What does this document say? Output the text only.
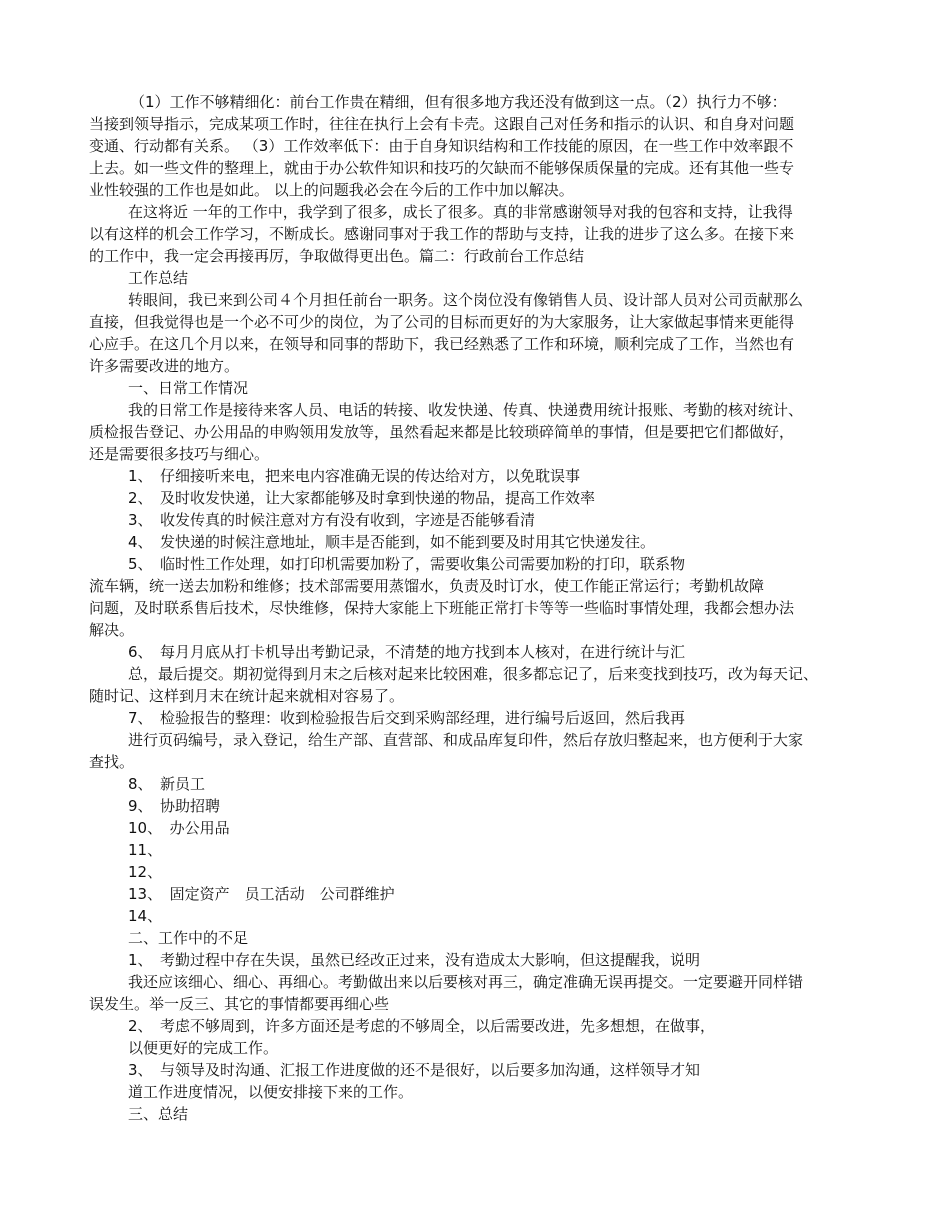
（1）工作不够精细化：前台工作贵在精细，但有很多地方我还没有做到这一点。（2）执行力不够：
当接到领导指示，完成某项工作时，往往在执行上会有卡壳。这跟自己对任务和指示的认识、和自身对问题
变通、行动都有关系。 （3）工作效率低下：由于自身知识结构和工作技能的原因，在一些工作中效率跟不
上去。如一些文件的整理上，就由于办公软件知识和技巧的欠缺而不能够保质保量的完成。还有其他一些专
业性较强的工作也是如此。 以上的问题我必会在今后的工作中加以解决。
在这将近 一年的工作中，我学到了很多，成长了很多。真的非常感谢领导对我的包容和支持，让我得
以有这样的机会工作学习，不断成长。感谢同事对于我工作的帮助与支持，让我的进步了这么多。在接下来
的工作中，我一定会再接再厉，争取做得更出色。篇二：行政前台工作总结
工作总结
转眼间，我已来到公司４个月担任前台一职务。这个岗位没有像销售人员、设计部人员对公司贡献那么
直接，但我觉得也是一个必不可少的岗位，为了公司的目标而更好的为大家服务，让大家做起事情来更能得
心应手。在这几个月以来，在领导和同事的帮助下，我已经熟悉了工作和环境，顺利完成了工作，当然也有
许多需要改进的地方。
一、日常工作情况
我的日常工作是接待来客人员、电话的转接、收发快递、传真、快递费用统计报账、考勤的核对统计、
质检报告登记、办公用品的申购领用发放等，虽然看起来都是比较琐碎简单的事情，但是要把它们都做好，
还是需要很多技巧与细心。
1、　仔细接听来电，把来电内容准确无误的传达给对方，以免耽误事
2、　及时收发快递，让大家都能够及时拿到快递的物品，提高工作效率
3、　收发传真的时候注意对方有没有收到，字迹是否能够看清
4、　发快递的时候注意地址，顺丰是否能到，如不能到要及时用其它快递发往。
5、　临时性工作处理，如打印机需要加粉了，需要收集公司需要加粉的打印，联系物
流车辆，统一送去加粉和维修；技术部需要用蒸馏水，负责及时订水，使工作能正常运行；考勤机故障
问题，及时联系售后技术，尽快维修，保持大家能上下班能正常打卡等等一些临时事情处理，我都会想办法
解决。
6、　每月月底从打卡机导出考勤记录，不清楚的地方找到本人核对，在进行统计与汇
总，最后提交。期初觉得到月末之后核对起来比较困难，很多都忘记了，后来变找到技巧，改为每天记、
随时记、这样到月末在统计起来就相对容易了。
7、　检验报告的整理：收到检验报告后交到采购部经理，进行编号后返回，然后我再
进行页码编号，录入登记，给生产部、直营部、和成品库复印件，然后存放归整起来，也方便利于大家
查找。
8、　新员工
9、　协助招聘
10、　办公用品
11、
12、
13、　固定资产　员工活动　公司群维护
14、
二、工作中的不足
1、　考勤过程中存在失误，虽然已经改正过来，没有造成太大影响，但这提醒我，说明
我还应该细心、细心、再细心。考勤做出来以后要核对再三，确定准确无误再提交。一定要避开同样错
误发生。举一反三、其它的事情都要再细心些
2、　考虑不够周到，许多方面还是考虑的不够周全，以后需要改进，先多想想，在做事，
以便更好的完成工作。
3、　与领导及时沟通、汇报工作进度做的还不是很好，以后要多加沟通，这样领导才知
道工作进度情况，以便安排接下来的工作。
三、总结
